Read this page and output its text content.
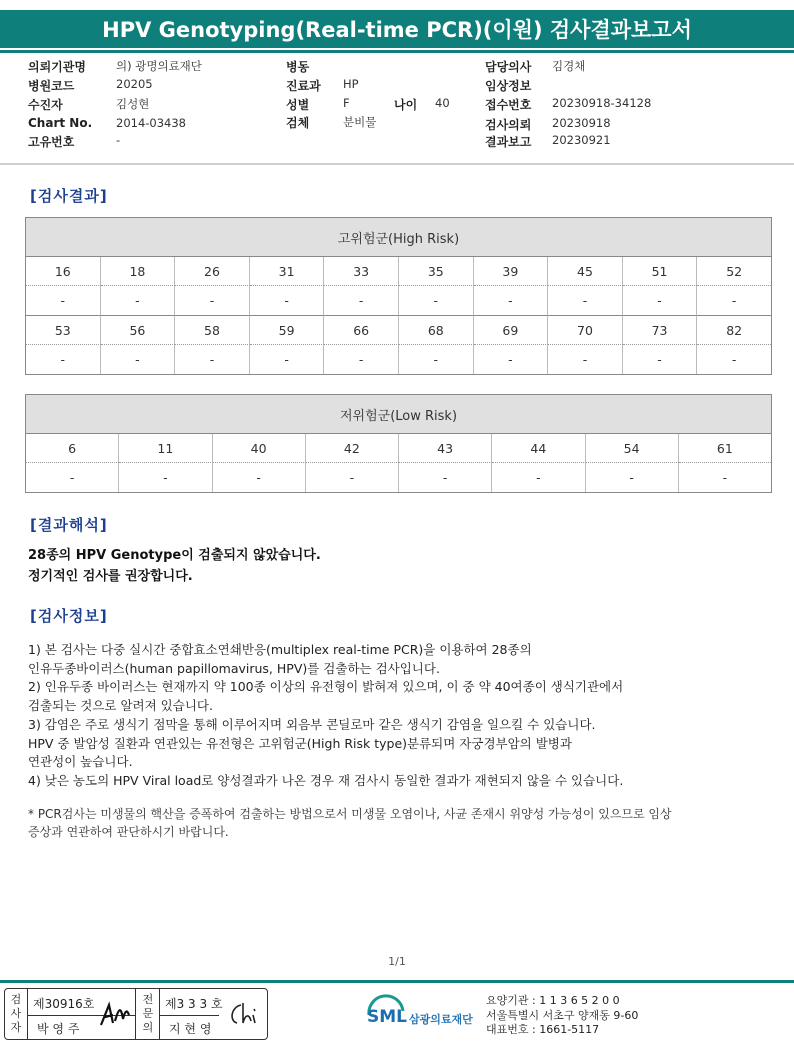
HPV Genotyping(Real-time PCR)(이원) 검사결과보고서
의뢰기관명	의) 광명의료재단
병원코드	20205
수진자	김성현
Chart No. 2014-03438
고유번호	-
병동
진료과 HP
성별	F	나이 40
검체	분비물
담당의사 김경채
임상정보
접수번호 20230918-34128
검사의뢰 20230918
결과보고 20230921
[검사결과]
고위험군(High Risk)
16	18	26	31	33	35	39	45	51	52
-	-	-	-	-	-	-	-	-	-
53	56	58	59	66	68	69	70	73	82
-	-	-	-	-	-	-	-	-	-
저위험군(Low Risk)
6	11	40	42	43	44	54	61
-	-	-	-	-	-	-	-
[결과해석]
28종의 HPV Genotype이 검출되지 않았습니다.
정기적인 검사를 권장합니다.
[검사정보]

1) 본 검사는 다중 실시간 중합효소연쇄반응(multiplex real-time PCR)을 이용하여 28종의

인유두종바이러스(human papillomavirus, HPV)를 검출하는 검사입니다.

2) 인유두종 바이러스는 현재까지 약 100종 이상의 유전형이 밝혀져 있으며, 이 중 약 40여종이 생식기관에서

검출되는 것으로 알려져 있습니다.

3) 감염은 주로 생식기 점막을 통해 이루어지며 외음부 콘딜로마 같은 생식기 감염을 일으킬 수 있습니다.

HPV 중 발암성 질환과 연관있는 유전형은 고위험군(High Risk type)분류되며 자궁경부암의 발병과

연관성이 높습니다.

4) 낮은 농도의 HPV Viral load로 양성결과가 나온 경우 재 검사시 동일한 결과가 재현되지 않을 수 있습니다.

* PCR검사는 미생물의 핵산을 증폭하여 검출하는 방법으로서 미생물 오염이나, 사균 존재시 위양성 가능성이 있으므로 임상
증상과 연관하여 판단하시기 바랍니다.
1/1
검사자
제30916호
박 영 주
전문의
제3 3 3 호
지 현 영
SML 삼광의료재단
요양기관 : 1 1 3 6 5 2 0 0
서울특별시 서초구 양재동 9-60
대표번호 : 1661-5117
